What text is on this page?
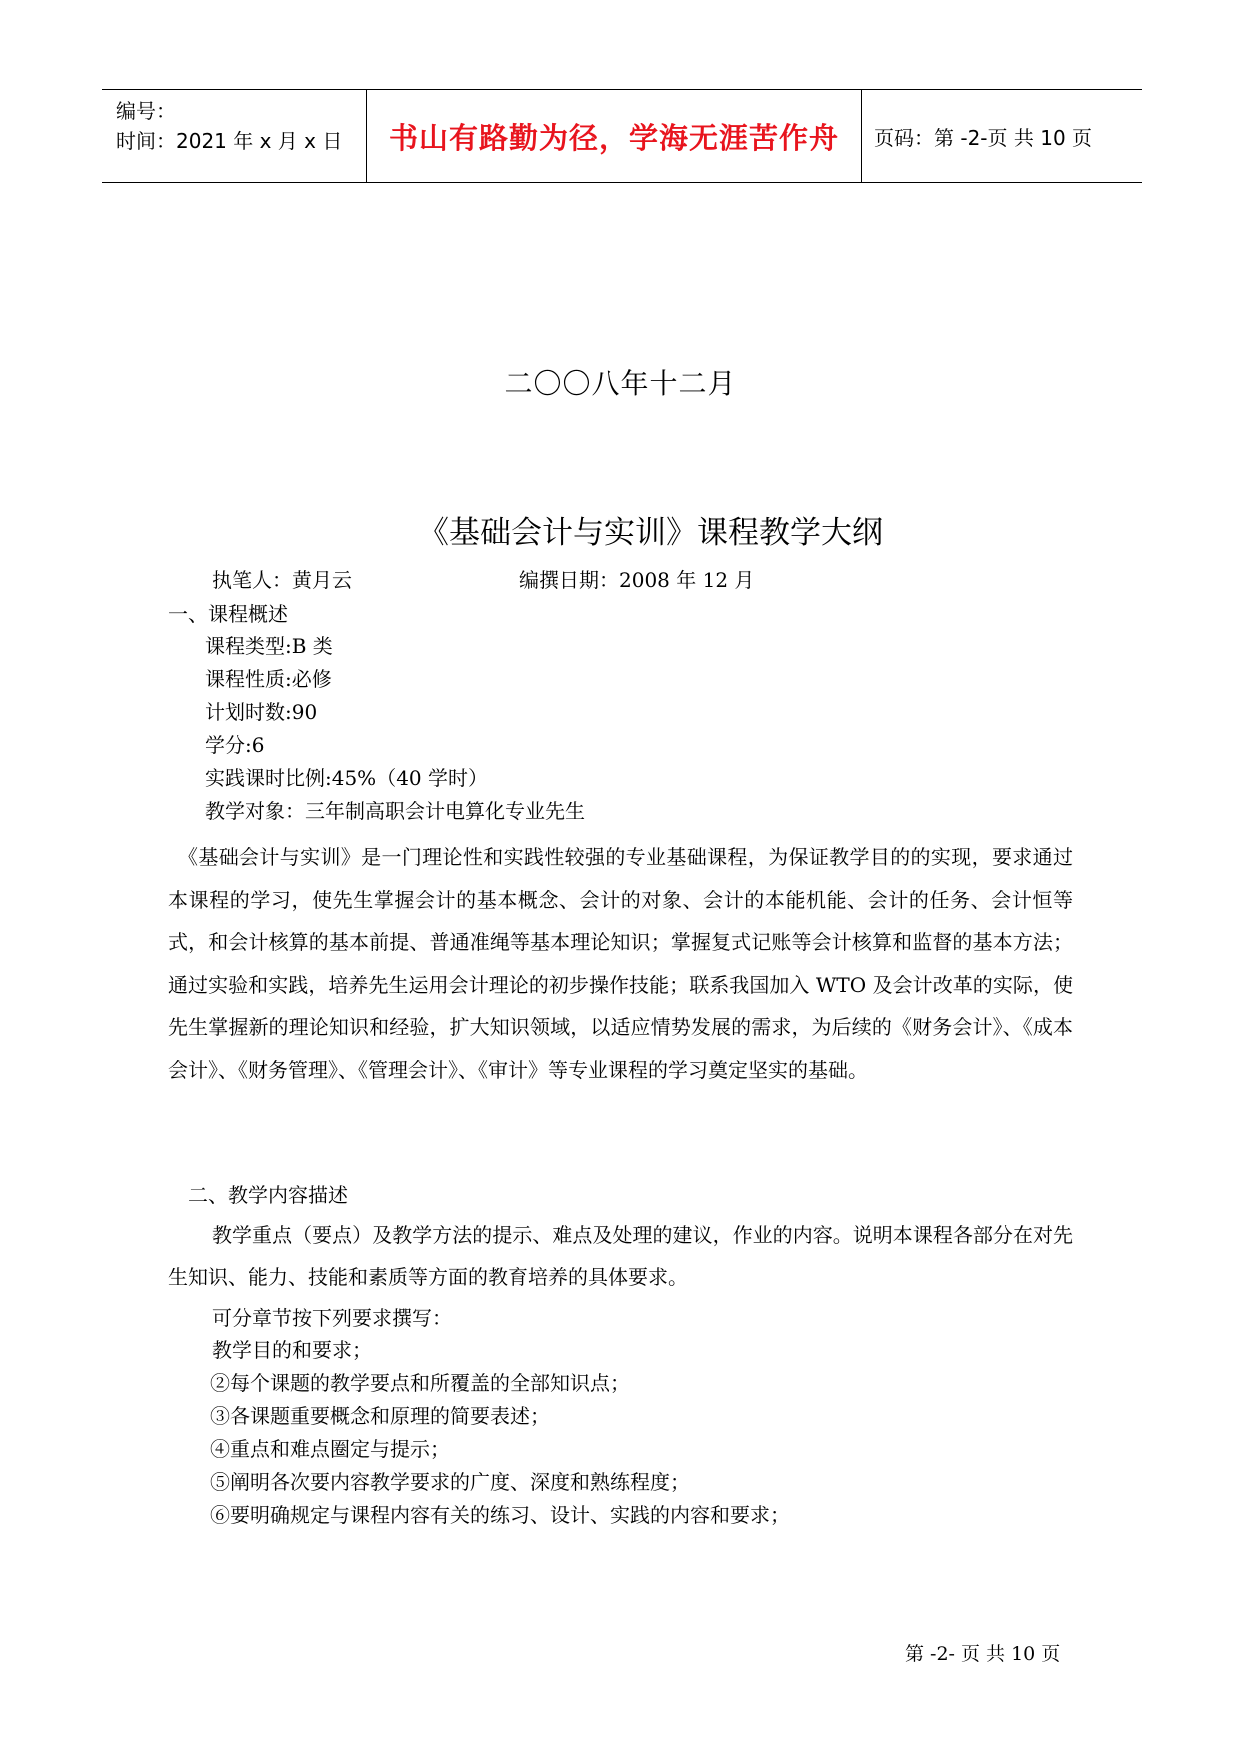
编号：
时间：2021 年 x 月 x 日	书山有路勤为径，学海无涯苦作舟	页码：第 -2-页 共 10 页
二〇〇八年十二月
《基础会计与实训》课程教学大纲
执笔人：黄月云	编撰日期：2008 年 12 月
一、课程概述
课程类型:B 类
课程性质:必修
计划时数:90
学分:6
实践课时比例:45%（40 学时）
教学对象：三年制高职会计电算化专业先生
《基础会计与实训》是一门理论性和实践性较强的专业基础课程，为保证教学目的的实现，要求通过本课程的学习，使先生掌握会计的基本概念、会计的对象、会计的本能机能、会计的任务、会计恒等式，和会计核算的基本前提、普通准绳等基本理论知识；掌握复式记账等会计核算和监督的基本方法；通过实验和实践，培养先生运用会计理论的初步操作技能；联系我国加入 WTO 及会计改革的实际，使先生掌握新的理论知识和经验，扩大知识领域，以适应情势发展的需求，为后续的《财务会计》、《成本会计》、《财务管理》、《管理会计》、《审计》等专业课程的学习奠定坚实的基础。
二、教学内容描述
教学重点（要点）及教学方法的提示、难点及处理的建议，作业的内容。说明本课程各部分在对先生知识、能力、技能和素质等方面的教育培养的具体要求。
可分章节按下列要求撰写：
教学目的和要求；
②每个课题的教学要点和所覆盖的全部知识点；
③各课题重要概念和原理的简要表述；
④重点和难点圈定与提示；
⑤阐明各次要内容教学要求的广度、深度和熟练程度；
⑥要明确规定与课程内容有关的练习、设计、实践的内容和要求；
第 -2- 页 共 10 页
